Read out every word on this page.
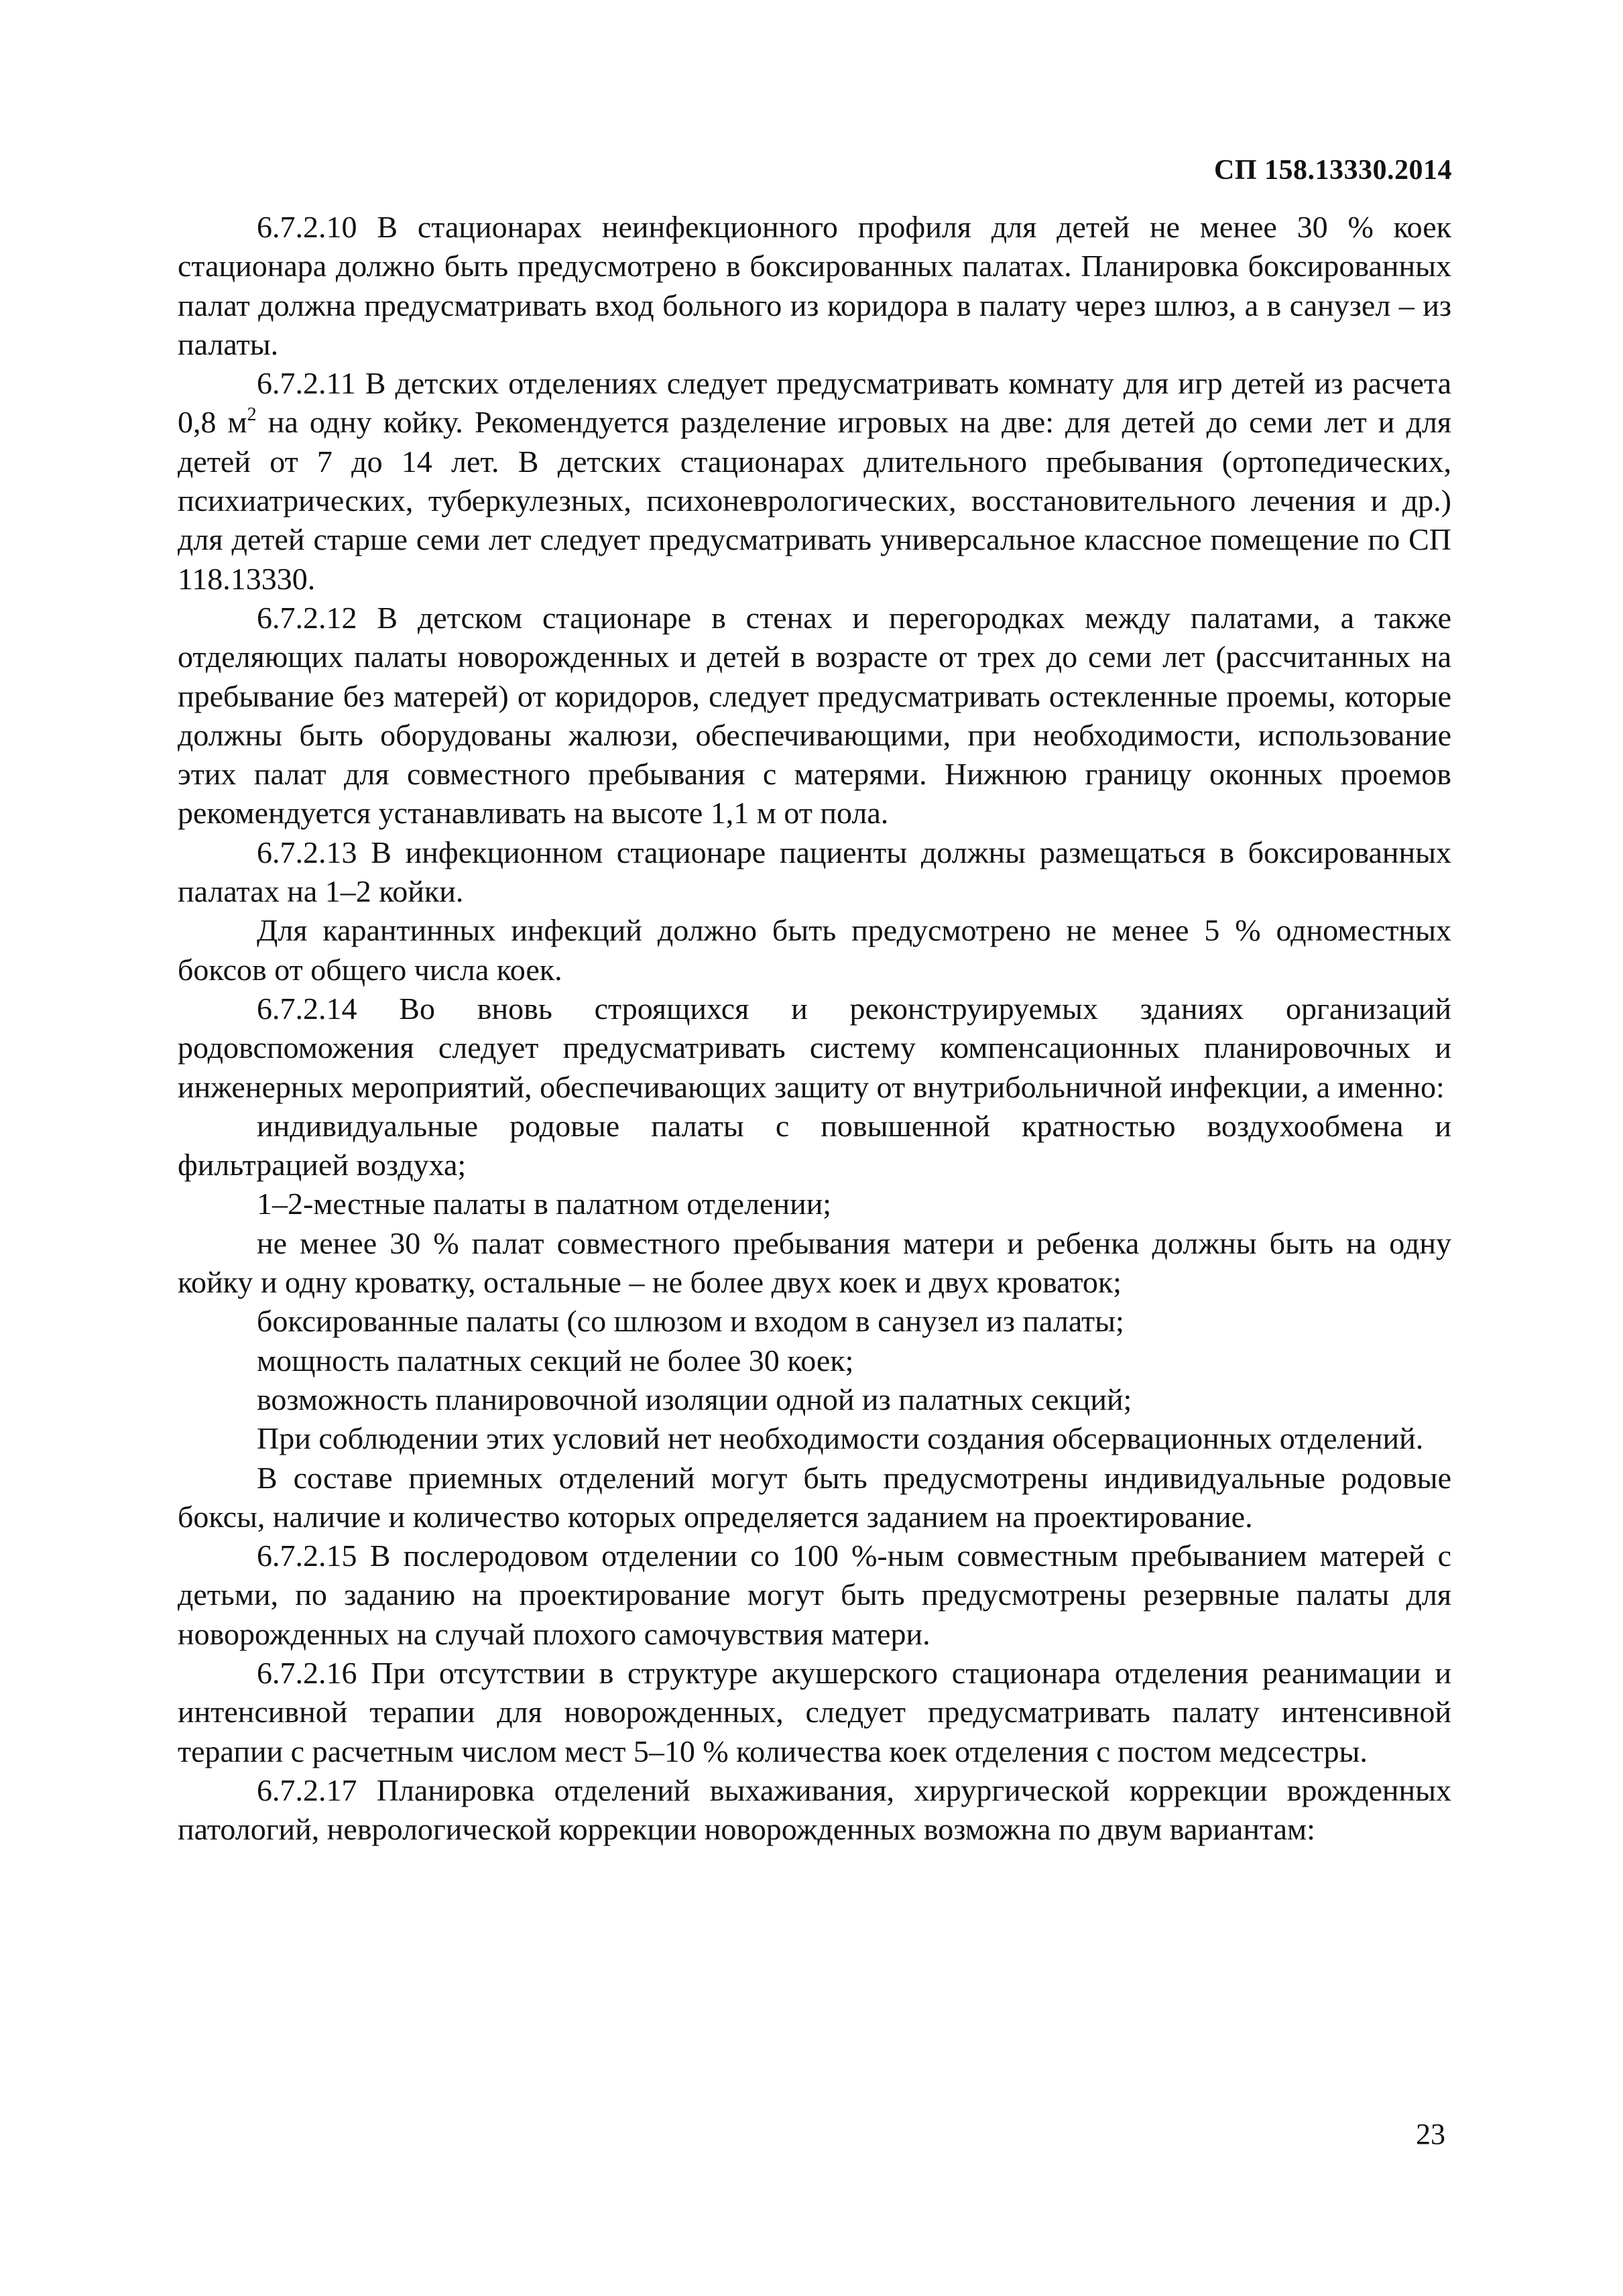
СП 158.13330.2014

6.7.2.10 В стационарах неинфекционного профиля для детей не менее 30 % коек стационара должно быть предусмотрено в боксированных палатах. Планировка боксированных палат должна предусматривать вход больного из коридора в палату через шлюз, а в санузел – из палаты.

6.7.2.11 В детских отделениях следует предусматривать комнату для игр детей из расчета 0,8 $м^2$ на одну койку. Рекомендуется разделение игровых на две: для детей до семи лет и для детей от 7 до 14 лет. В детских стационарах длительного пребывания (ортопедических, психиатрических, туберкулезных, психоневрологических, восстановительного лечения и др.) для детей старше семи лет следует предусматривать универсальное классное помещение по СП 118.13330.

6.7.2.12 В детском стационаре в стенах и перегородках между палатами, а также отделяющих палаты новорожденных и детей в возрасте от трех до семи лет (рассчитанных на пребывание без матерей) от коридоров, следует предусматривать остекленные проемы, которые должны быть оборудованы жалюзи, обеспечивающими, при необходимости, использование этих палат для совместного пребывания с матерями. Нижнюю границу оконных проемов рекомендуется устанавливать на высоте 1,1 м от пола.

6.7.2.13 В инфекционном стационаре пациенты должны размещаться в боксированных палатах на 1–2 койки.

Для карантинных инфекций должно быть предусмотрено не менее 5 % одноместных боксов от общего числа коек.

6.7.2.14 Во вновь строящихся и реконструируемых зданиях организаций родовспоможения следует предусматривать систему компенсационных планировочных и инженерных мероприятий, обеспечивающих защиту от внутрибольничной инфекции, а именно:

индивидуальные родовые палаты с повышенной кратностью воздухообмена и фильтрацией воздуха;

1–2-местные палаты в палатном отделении;

не менее 30 % палат совместного пребывания матери и ребенка должны быть на одну койку и одну кроватку, остальные – не более двух коек и двух кроваток;

боксированные палаты (со шлюзом и входом в санузел из палаты;

мощность палатных секций не более 30 коек;

возможность планировочной изоляции одной из палатных секций;

При соблюдении этих условий нет необходимости создания обсервационных отделений.

В составе приемных отделений могут быть предусмотрены индивидуальные родовые боксы, наличие и количество которых определяется заданием на проектирование.

6.7.2.15 В послеродовом отделении со 100 %-ным совместным пребыванием матерей с детьми, по заданию на проектирование могут быть предусмотрены резервные палаты для новорожденных на случай плохого самочувствия матери.

6.7.2.16 При отсутствии в структуре акушерского стационара отделения реанимации и интенсивной терапии для новорожденных, следует предусматривать палату интенсивной терапии с расчетным числом мест 5–10 % количества коек отделения с постом медсестры.

6.7.2.17 Планировка отделений выхаживания, хирургической коррекции врожденных патологий, неврологической коррекции новорожденных возможна по двум вариантам:

23
